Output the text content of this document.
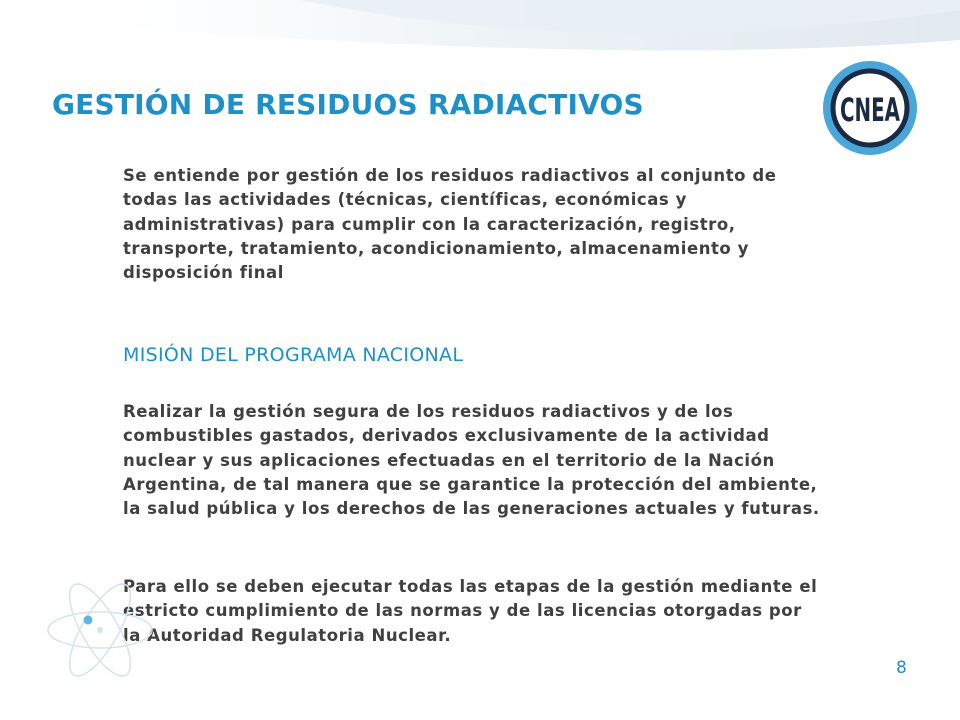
GESTIÓN DE RESIDUOS RADIACTIVOS	CNEA
Se entiende por gestión de los residuos radiactivos al conjunto de todas las actividades (técnicas, científicas, económicas y administrativas) para cumplir con la caracterización, registro, transporte, tratamiento, acondicionamiento, almacenamiento y disposición final
MISIÓN DEL PROGRAMA NACIONAL
Realizar la gestión segura de los residuos radiactivos y de los combustibles gastados, derivados exclusivamente de la actividad nuclear y sus aplicaciones efectuadas en el territorio de la Nación Argentina, de tal manera que se garantice la protección del ambiente, la salud pública y los derechos de las generaciones actuales y futuras.
Para ello se deben ejecutar todas las etapas de la gestión mediante el estricto cumplimiento de las normas y de las licencias otorgadas por la Autoridad Regulatoria Nuclear.
8
